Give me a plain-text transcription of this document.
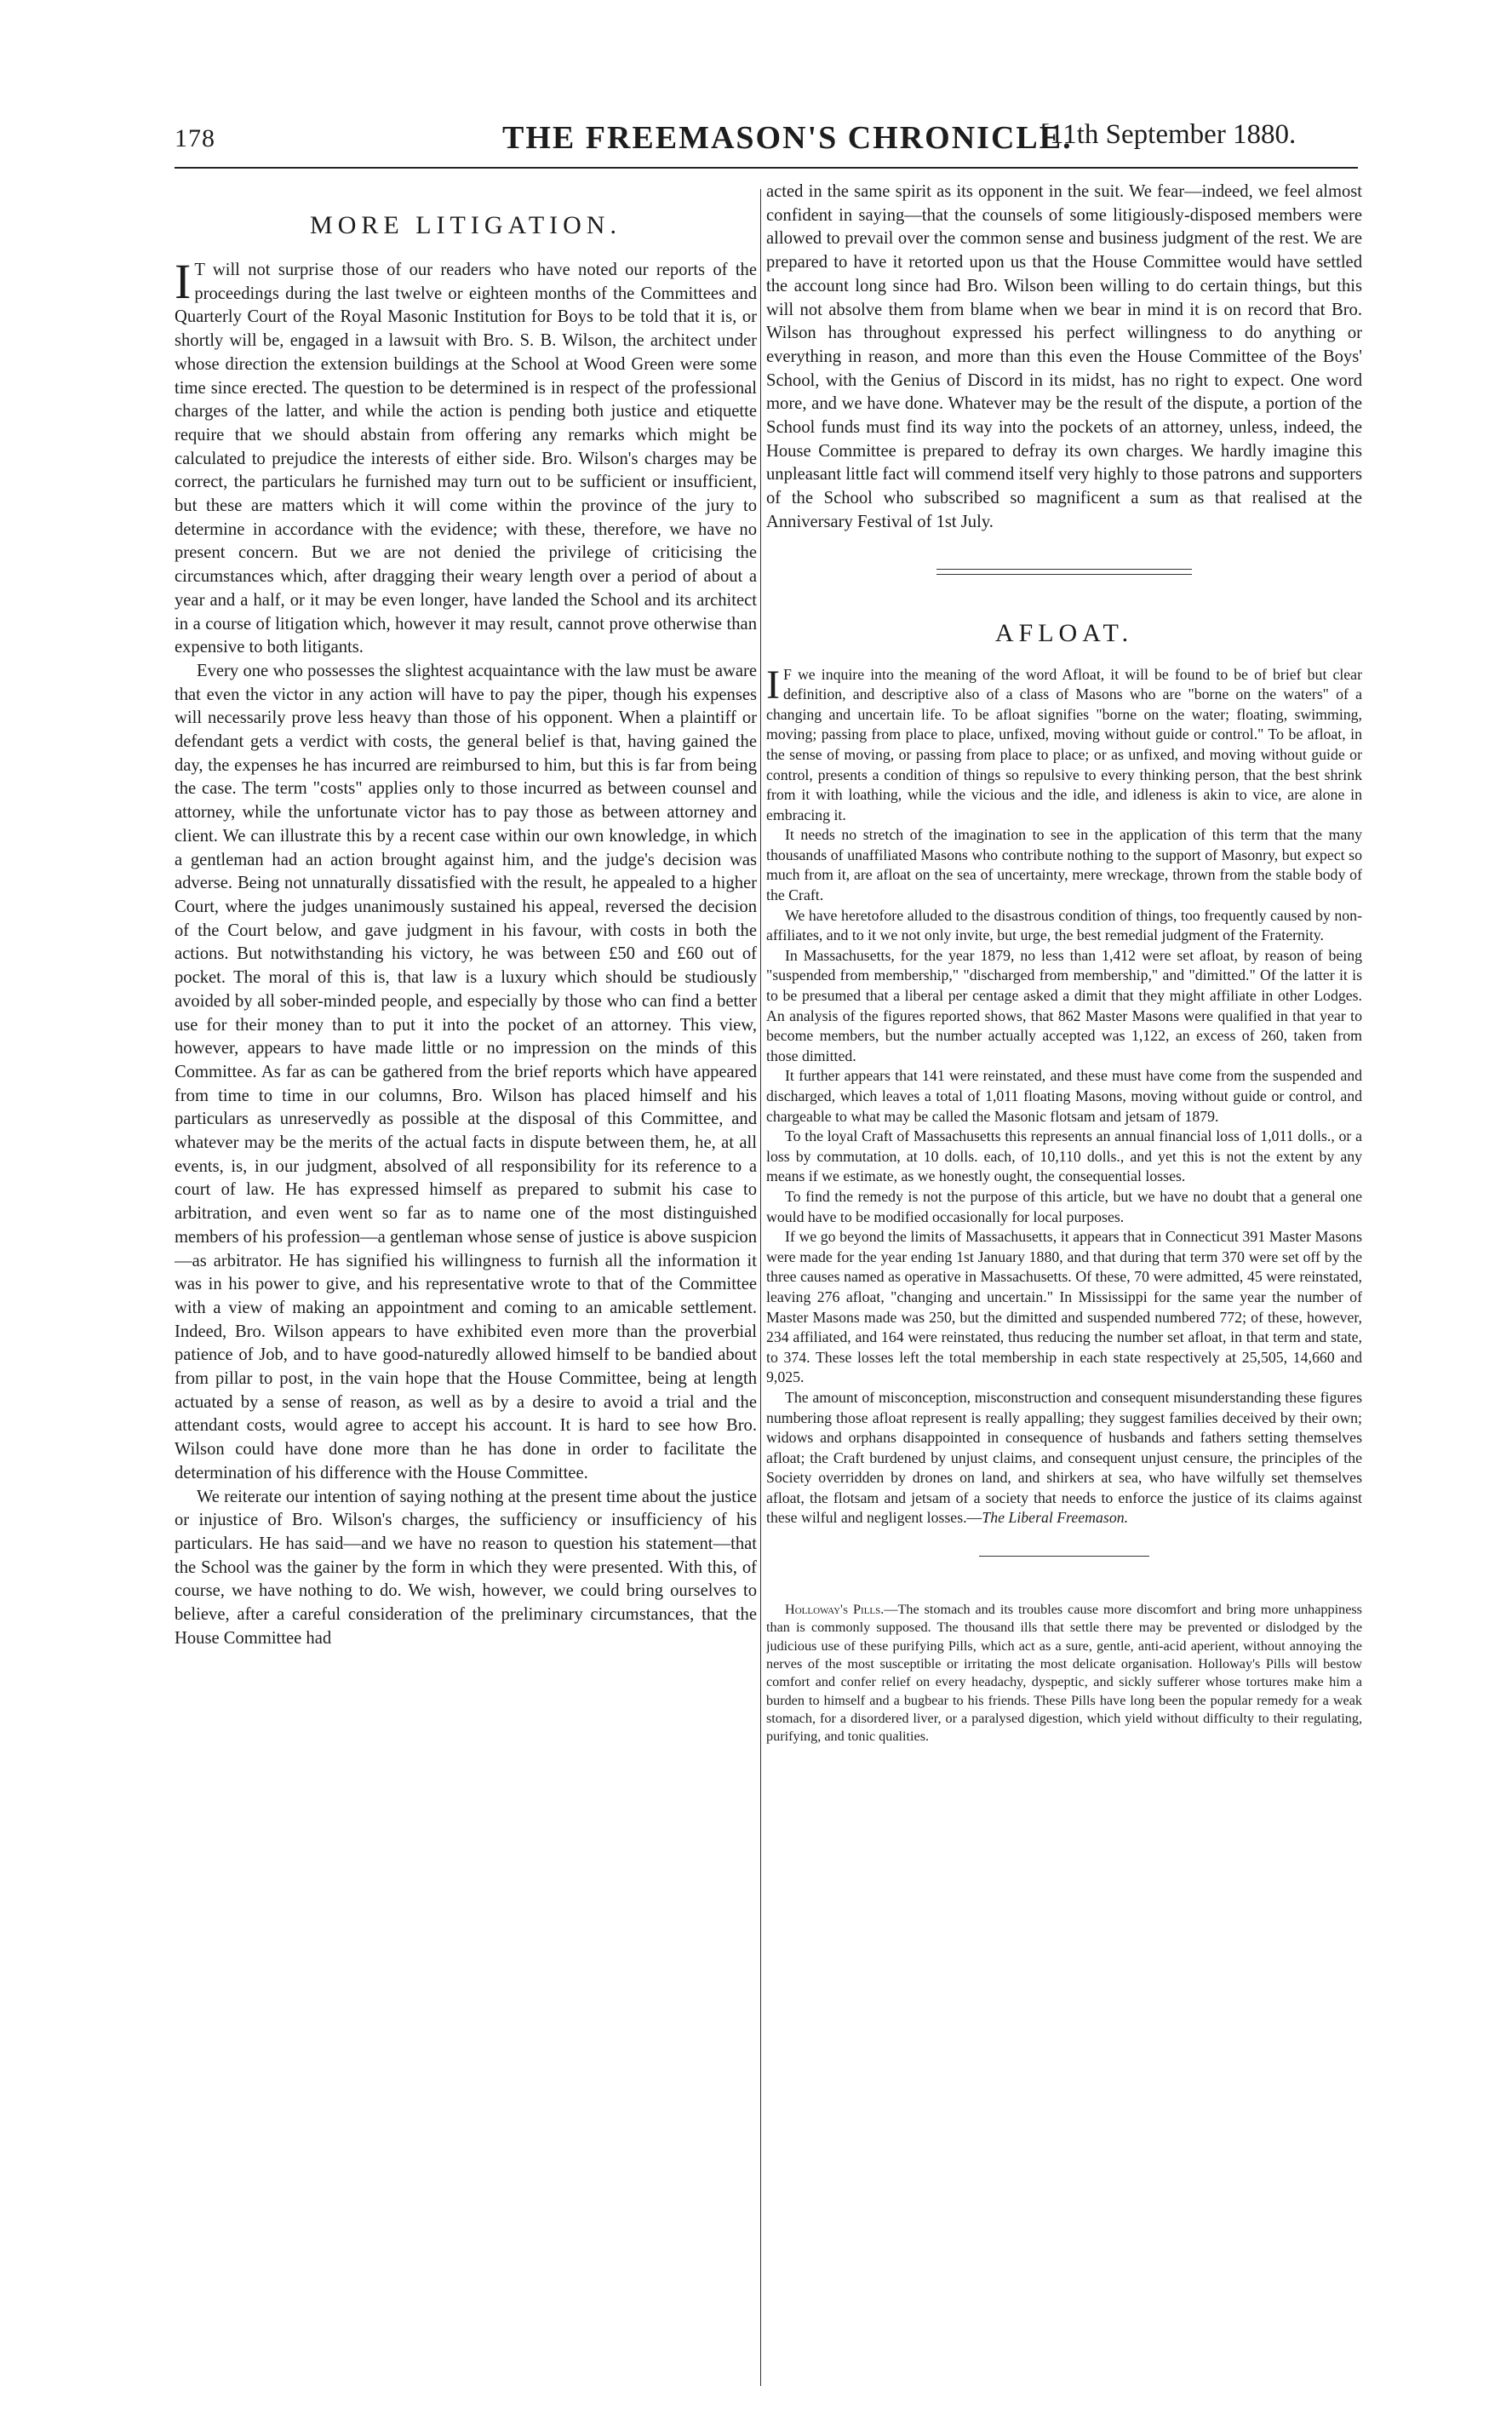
178	THE FREEMASON'S CHRONICLE.
[11th September 1880.
MORE LITIGATION.

I T will not surprise those of our readers who have noted our reports of the proceedings during the last twelve or eighteen months of the Committees and Quarterly Court of the Royal Masonic Institution for Boys to be told that it is, or shortly will be, engaged in a lawsuit with Bro. S. B. Wilson, the architect under whose direction the extension buildings at the School at Wood Green were some time since erected. The question to be determined is in respect of the professional charges of the latter, and while the action is pending both justice and etiquette require that we should abstain from offering any remarks which might be calculated to prejudice the interests of either side. Bro. Wilson's charges may be correct, the particulars he furnished may turn out to be sufficient or insufficient, but these are matters which it will come within the province of the jury to determine in accordance with the evidence; with these, therefore, we have no present concern. But we are not denied the privilege of criticising the circumstances which, after dragging their weary length over a period of about a year and a half, or it may be even longer, have landed the School and its architect in a course of litigation which, however it may result, cannot prove otherwise than expensive to both litigants.

Every one who possesses the slightest acquaintance with the law must be aware that even the victor in any action will have to pay the piper, though his expenses will necessarily prove less heavy than those of his opponent. When a plaintiff or defendant gets a verdict with costs, the general belief is that, having gained the day, the expenses he has incurred are reimbursed to him, but this is far from being the case. The term "costs" applies only to those incurred as between counsel and attorney, while the unfortunate victor has to pay those as between attorney and client. We can illustrate this by a recent case within our own knowledge, in which a gentleman had an action brought against him, and the judge's decision was adverse. Being not unnaturally dissatisfied with the result, he appealed to a higher Court, where the judges unanimously sustained his appeal, reversed the decision of the Court below, and gave judgment in his favour, with costs in both the actions. But notwithstanding his victory, he was between £50 and £60 out of pocket. The moral of this is, that law is a luxury which should be studiously avoided by all sober-minded people, and especially by those who can find a better use for their money than to put it into the pocket of an attorney. This view, however, appears to have made little or no impression on the minds of this Committee. As far as can be gathered from the brief reports which have appeared from time to time in our columns, Bro. Wilson has placed himself and his particulars as unreservedly as possible at the disposal of this Committee, and whatever may be the merits of the actual facts in dispute between them, he, at all events, is, in our judgment, absolved of all responsibility for its reference to a court of law. He has expressed himself as prepared to submit his case to arbitration, and even went so far as to name one of the most distinguished members of his profession—a gentleman whose sense of justice is above suspicion—as arbitrator. He has signified his willingness to furnish all the information it was in his power to give, and his representative wrote to that of the Committee with a view of making an appointment and coming to an amicable settlement. Indeed, Bro. Wilson appears to have exhibited even more than the proverbial patience of Job, and to have good-naturedly allowed himself to be bandied about from pillar to post, in the vain hope that the House Committee, being at length actuated by a sense of reason, as well as by a desire to avoid a trial and the attendant costs, would agree to accept his account. It is hard to see how Bro. Wilson could have done more than he has done in order to facilitate the determination of his difference with the House Committee.

We reiterate our intention of saying nothing at the present time about the justice or injustice of Bro. Wilson's charges, the sufficiency or insufficiency of his particulars. He has said—and we have no reason to question his statement—that the School was the gainer by the form in which they were presented. With this, of course, we have nothing to do. We wish, however, we could bring ourselves to believe, after a careful consideration of the preliminary circumstances, that the House Committee had

acted in the same spirit as its opponent in the suit. We fear—indeed, we feel almost confident in saying—that the counsels of some litigiously-disposed members were allowed to prevail over the common sense and business judgment of the rest. We are prepared to have it retorted upon us that the House Committee would have settled the account long since had Bro. Wilson been willing to do certain things, but this will not absolve them from blame when we bear in mind it is on record that Bro. Wilson has throughout expressed his perfect willingness to do anything or everything in reason, and more than this even the House Committee of the Boys' School, with the Genius of Discord in its midst, has no right to expect. One word more, and we have done. Whatever may be the result of the dispute, a portion of the School funds must find its way into the pockets of an attorney, unless, indeed, the House Committee is prepared to defray its own charges. We hardly imagine this unpleasant little fact will commend itself very highly to those patrons and supporters of the School who subscribed so magnificent a sum as that realised at the Anniversary Festival of 1st July.

AFLOAT.

I F we inquire into the meaning of the word Afloat, it will be found to be of brief but clear definition, and descriptive also of a class of Masons who are "borne on the waters" of a changing and uncertain life. To be afloat signifies "borne on the water; floating, swimming, moving; passing from place to place, unfixed, moving without guide or control." To be afloat, in the sense of moving, or passing from place to place; or as unfixed, and moving without guide or control, presents a condition of things so repulsive to every thinking person, that the best shrink from it with loathing, while the vicious and the idle, and idleness is akin to vice, are alone in embracing it.

It needs no stretch of the imagination to see in the application of this term that the many thousands of unaffiliated Masons who contribute nothing to the support of Masonry, but expect so much from it, are afloat on the sea of uncertainty, mere wreckage, thrown from the stable body of the Craft.

We have heretofore alluded to the disastrous condition of things, too frequently caused by non-affiliates, and to it we not only invite, but urge, the best remedial judgment of the Fraternity.

In Massachusetts, for the year 1879, no less than 1,412 were set afloat, by reason of being "suspended from membership," "discharged from membership," and "dimitted." Of the latter it is to be presumed that a liberal per centage asked a dimit that they might affiliate in other Lodges. An analysis of the figures reported shows, that 862 Master Masons were qualified in that year to become members, but the number actually accepted was 1,122, an excess of 260, taken from those dimitted.

It further appears that 141 were reinstated, and these must have come from the suspended and discharged, which leaves a total of 1,011 floating Masons, moving without guide or control, and chargeable to what may be called the Masonic flotsam and jetsam of 1879.

To the loyal Craft of Massachusetts this represents an annual financial loss of 1,011 dolls., or a loss by commutation, at 10 dolls. each, of 10,110 dolls., and yet this is not the extent by any means if we estimate, as we honestly ought, the consequential losses.

To find the remedy is not the purpose of this article, but we have no doubt that a general one would have to be modified occasionally for local purposes.

If we go beyond the limits of Massachusetts, it appears that in Connecticut 391 Master Masons were made for the year ending 1st January 1880, and that during that term 370 were set off by the three causes named as operative in Massachusetts. Of these, 70 were admitted, 45 were reinstated, leaving 276 afloat, "changing and uncertain." In Mississippi for the same year the number of Master Masons made was 250, but the dimitted and suspended numbered 772; of these, however, 234 affiliated, and 164 were reinstated, thus reducing the number set afloat, in that term and state, to 374. These losses left the total membership in each state respectively at 25,505, 14,660 and 9,025.

The amount of misconception, misconstruction and consequent misunderstanding these figures numbering those afloat represent is really appalling; they suggest families deceived by their own; widows and orphans disappointed in consequence of husbands and fathers setting themselves afloat; the Craft burdened by unjust claims, and consequent unjust censure, the principles of the Society overridden by drones on land, and shirkers at sea, who have wilfully set themselves afloat, the flotsam and jetsam of a society that needs to enforce the justice of its claims against these wilful and negligent losses.—The Liberal Freemason.

Holloway's Pills.—The stomach and its troubles cause more discomfort and bring more unhappiness than is commonly supposed. The thousand ills that settle there may be prevented or dislodged by the judicious use of these purifying Pills, which act as a sure, gentle, anti-acid aperient, without annoying the nerves of the most susceptible or irritating the most delicate organisation. Holloway's Pills will bestow comfort and confer relief on every headachy, dyspeptic, and sickly sufferer whose tortures make him a burden to himself and a bugbear to his friends. These Pills have long been the popular remedy for a weak stomach, for a disordered liver, or a paralysed digestion, which yield without difficulty to their regulating, purifying, and tonic qualities.
